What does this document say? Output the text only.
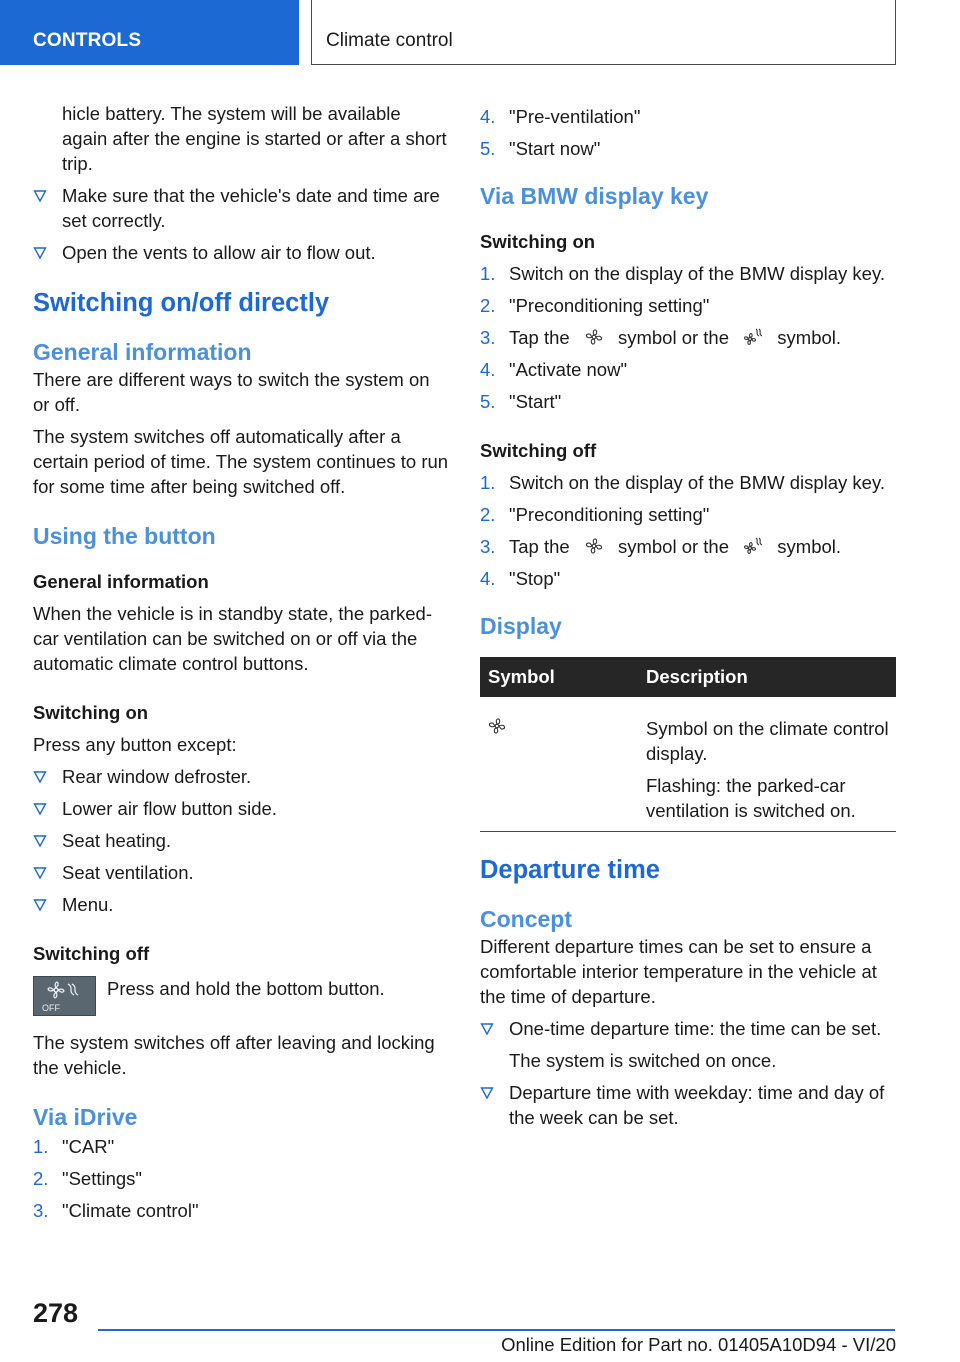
CONTROLS	Climate control

hicle battery. The system will be available again after the engine is started or after a short trip.

Make sure that the vehicle's date and time are set correctly.
Open the vents to allow air to flow out.
Switching on/off directly
General information

There are different ways to switch the system on or off.

The system switches off automatically after a certain period of time. The system continues to run for some time after being switched off.

Using the button
General information

When the vehicle is in standby state, the parked-car ventilation can be switched on or off via the automatic climate control buttons.

Switching on

Press any button except:

Rear window defroster.
Lower air flow button side.
Seat heating.
Seat ventilation.
Menu.
Switching off
OFF
Press and hold the bottom button.

The system switches off after leaving and locking the vehicle.

Via iDrive
1. "CAR"
2. "Settings"
3. "Climate control"
4. "Pre-ventilation"
5. "Start now"
Via BMW display key
Switching on
1. Switch on the display of the BMW display key.
2. "Preconditioning setting"
3. Tap the	symbol or the	symbol.
4. "Activate now"
5. "Start"
Switching off
1. Switch on the display of the BMW display key.
2. "Preconditioning setting"
3. Tap the	symbol or the	symbol.
4. "Stop"
Display
Symbol	Description

Symbol on the climate control display.

Flashing: the parked-car ventilation is switched on.

Departure time
Concept

Different departure times can be set to ensure a comfortable interior temperature in the vehicle at the time of departure.

One-time departure time: the time can be set.

The system is switched on once.

Departure time with weekday: time and day of the week can be set.
278
Online Edition for Part no. 01405A10D94 - VI/20
